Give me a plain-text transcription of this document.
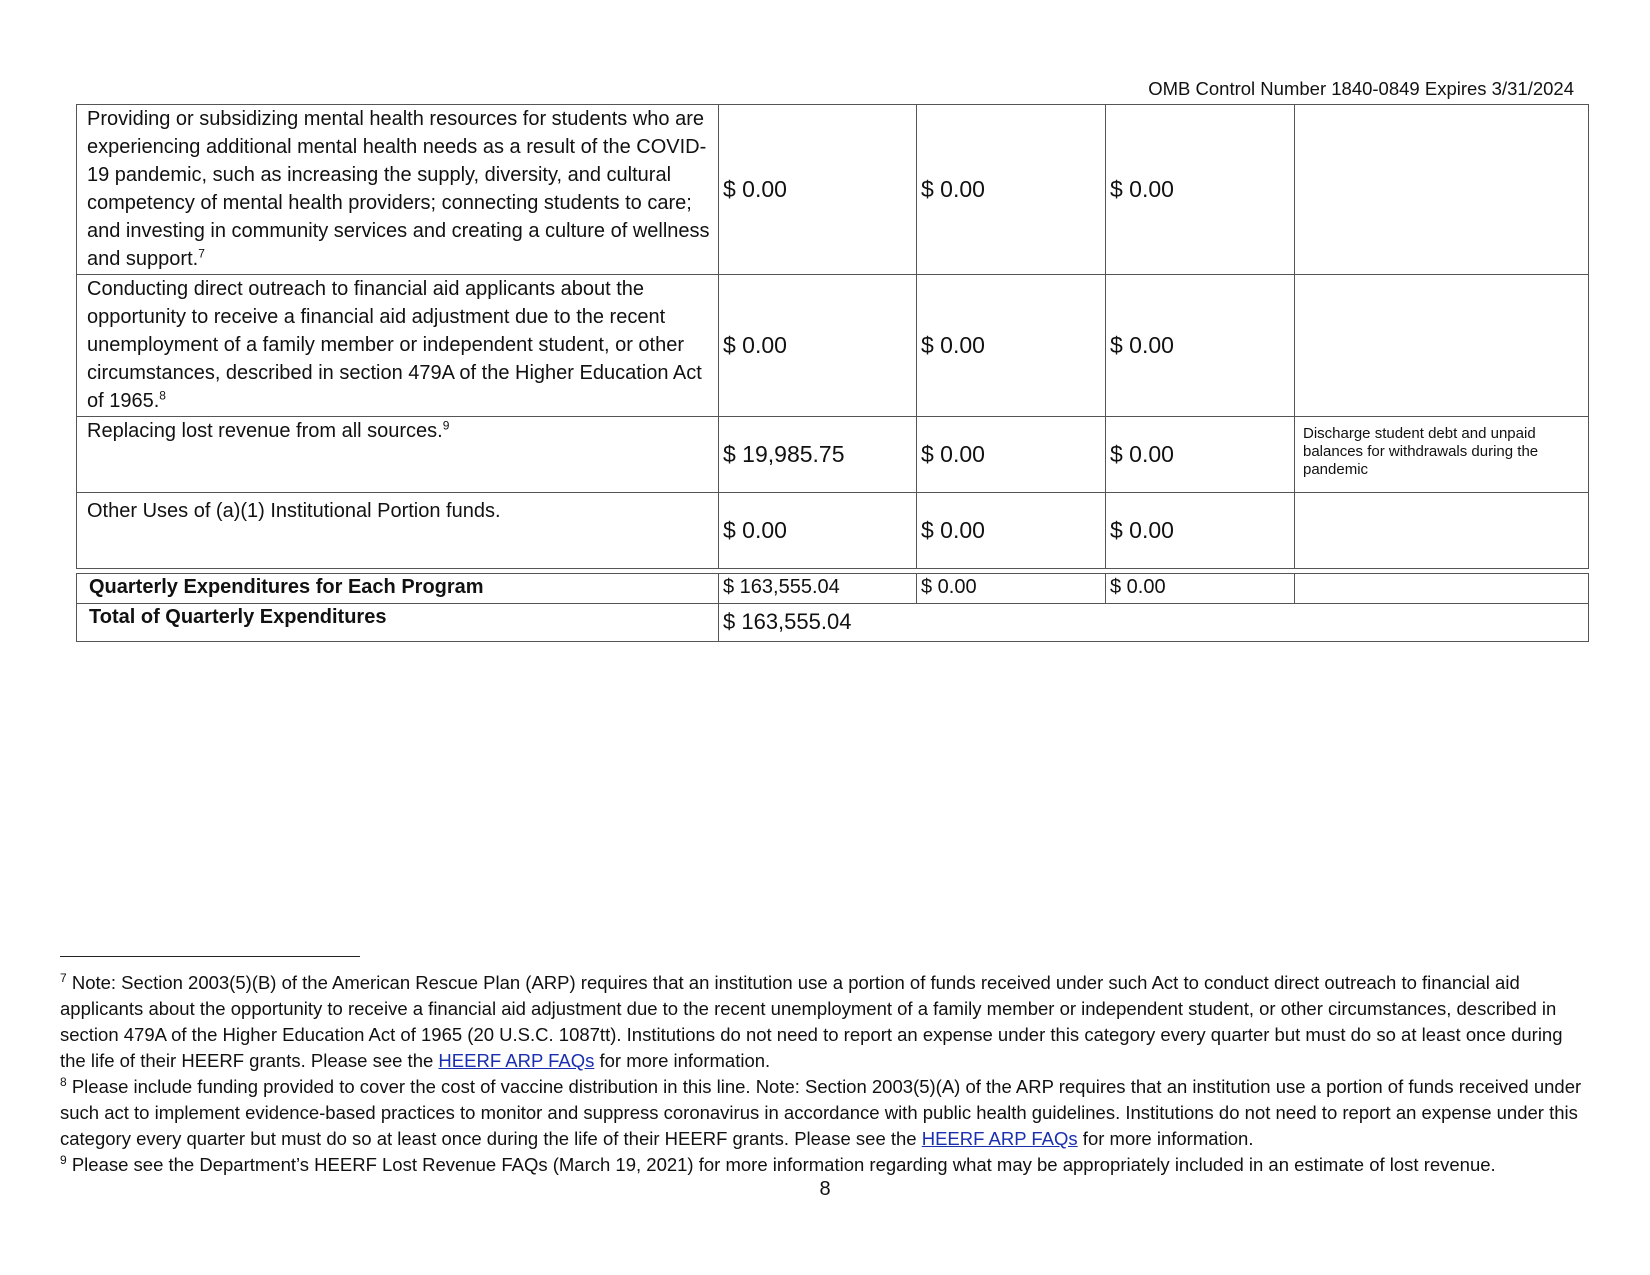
OMB Control Number 1840-0849 Expires 3/31/2024
Providing or subsidizing mental health resources for students who are experiencing additional mental health needs as a result of the COVID-19 pandemic, such as increasing the supply, diversity, and cultural competency of mental health providers; connecting students to care; and investing in community services and creating a culture of wellness and support.$^7$	$ 0.00	$ 0.00	$ 0.00	
Conducting direct outreach to financial aid applicants about the opportunity to receive a financial aid adjustment due to the recent unemployment of a family member or independent student, or other circumstances, described in section 479A of the Higher Education Act of 1965.$^8$	$ 0.00	$ 0.00	$ 0.00	
Replacing lost revenue from all sources.$^9$	$ 19,985.75	$ 0.00	$ 0.00	Discharge student debt and unpaid balances for withdrawals during the pandemic
Other Uses of (a)(1) Institutional Portion funds.	$ 0.00	$ 0.00	$ 0.00	

Quarterly Expenditures for Each Program	$ 163,555.04	$ 0.00	$ 0.00	
Total of Quarterly Expenditures	$ 163,555.04			

$^7$ Note: Section 2003(5)(B) of the American Rescue Plan (ARP) requires that an institution use a portion of funds received under such Act to conduct direct outreach to financial aid applicants about the opportunity to receive a financial aid adjustment due to the recent unemployment of a family member or independent student, or other circumstances, described in section 479A of the Higher Education Act of 1965 (20 U.S.C. 1087tt). Institutions do not need to report an expense under this category every quarter but must do so at least once during the life of their HEERF grants. Please see the HEERF ARP FAQs for more information.

$^8$ Please include funding provided to cover the cost of vaccine distribution in this line. Note: Section 2003(5)(A) of the ARP requires that an institution use a portion of funds received under such act to implement evidence-based practices to monitor and suppress coronavirus in accordance with public health guidelines. Institutions do not need to report an expense under this category every quarter but must do so at least once during the life of their HEERF grants. Please see the HEERF ARP FAQs for more information.

$^9$ Please see the Department’s HEERF Lost Revenue FAQs (March 19, 2021) for more information regarding what may be appropriately included in an estimate of lost revenue.

8
